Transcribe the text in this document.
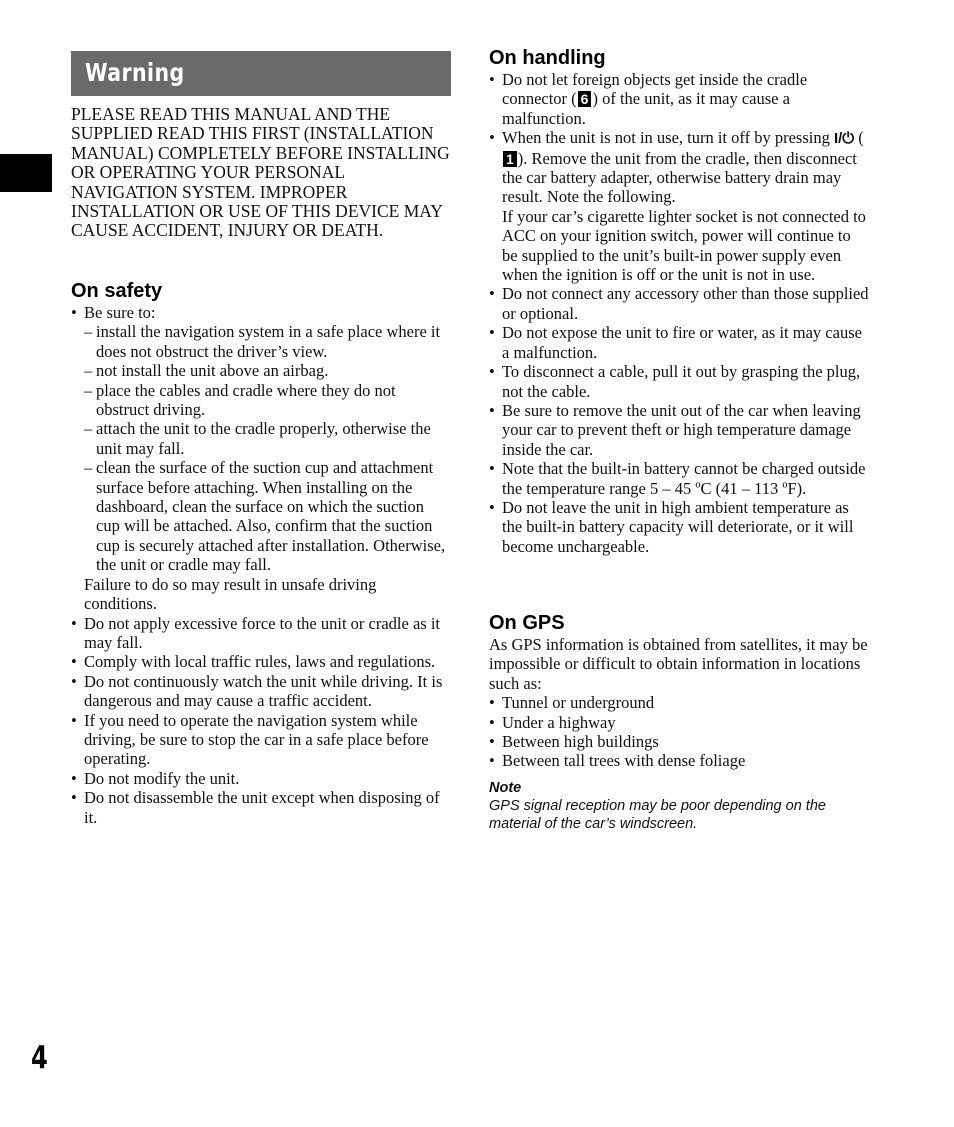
Warning

PLEASE READ THIS MANUAL AND THE SUPPLIED READ THIS FIRST (INSTALLATION MANUAL) COMPLETELY BEFORE INSTALLING OR OPERATING YOUR PERSONAL NAVIGATION SYSTEM. IMPROPER INSTALLATION OR USE OF THIS DEVICE MAY CAUSE ACCIDENT, INJURY OR DEATH.

On safety
• Be sure to:
– install the navigation system in a safe place where it does not obstruct the driver’s view.
– not install the unit above an airbag.
– place the cables and cradle where they do not obstruct driving.
– attach the unit to the cradle properly, otherwise the unit may fall.
– clean the surface of the suction cup and attachment surface before attaching. When installing on the dashboard, clean the surface on which the suction cup will be attached. Also, confirm that the suction cup is securely attached after installation. Otherwise, the unit or cradle may fall.
Failure to do so may result in unsafe driving conditions.
• Do not apply excessive force to the unit or cradle as it may fall.
• Comply with local traffic rules, laws and regulations.
• Do not continuously watch the unit while driving. It is dangerous and may cause a traffic accident.
• If you need to operate the navigation system while driving, be sure to stop the car in a safe place before operating.
• Do not modify the unit.
• Do not disassemble the unit except when disposing of it.
On handling
• Do not let foreign objects get inside the cradle connector ( 6 ) of the unit, as it may cause a malfunction.
• When the unit is not in use, turn it off by pressing I/⏻ (1 ). Remove the unit from the cradle, then disconnect the car battery adapter, otherwise battery drain may result. Note the following.
If your car’s cigarette lighter socket is not connected to ACC on your ignition switch, power will continue to be supplied to the unit’s built-in power supply even when the ignition is off or the unit is not in use.
• Do not connect any accessory other than those supplied or optional.
• Do not expose the unit to fire or water, as it may cause a malfunction.
• To disconnect a cable, pull it out by grasping the plug, not the cable.
• Be sure to remove the unit out of the car when leaving your car to prevent theft or high temperature damage inside the car.
• Note that the built-in battery cannot be charged outside the temperature range 5 – 45 ºC (41 – 113 ºF).
• Do not leave the unit in high ambient temperature as the built-in battery capacity will deteriorate, or it will become unchargeable.
On GPS
As GPS information is obtained from satellites, it may be impossible or difficult to obtain information in locations such as:
• Tunnel or underground
• Under a highway
• Between high buildings
• Between tall trees with dense foliage
Note
GPS signal reception may be poor depending on the material of the car’s windscreen.
4
